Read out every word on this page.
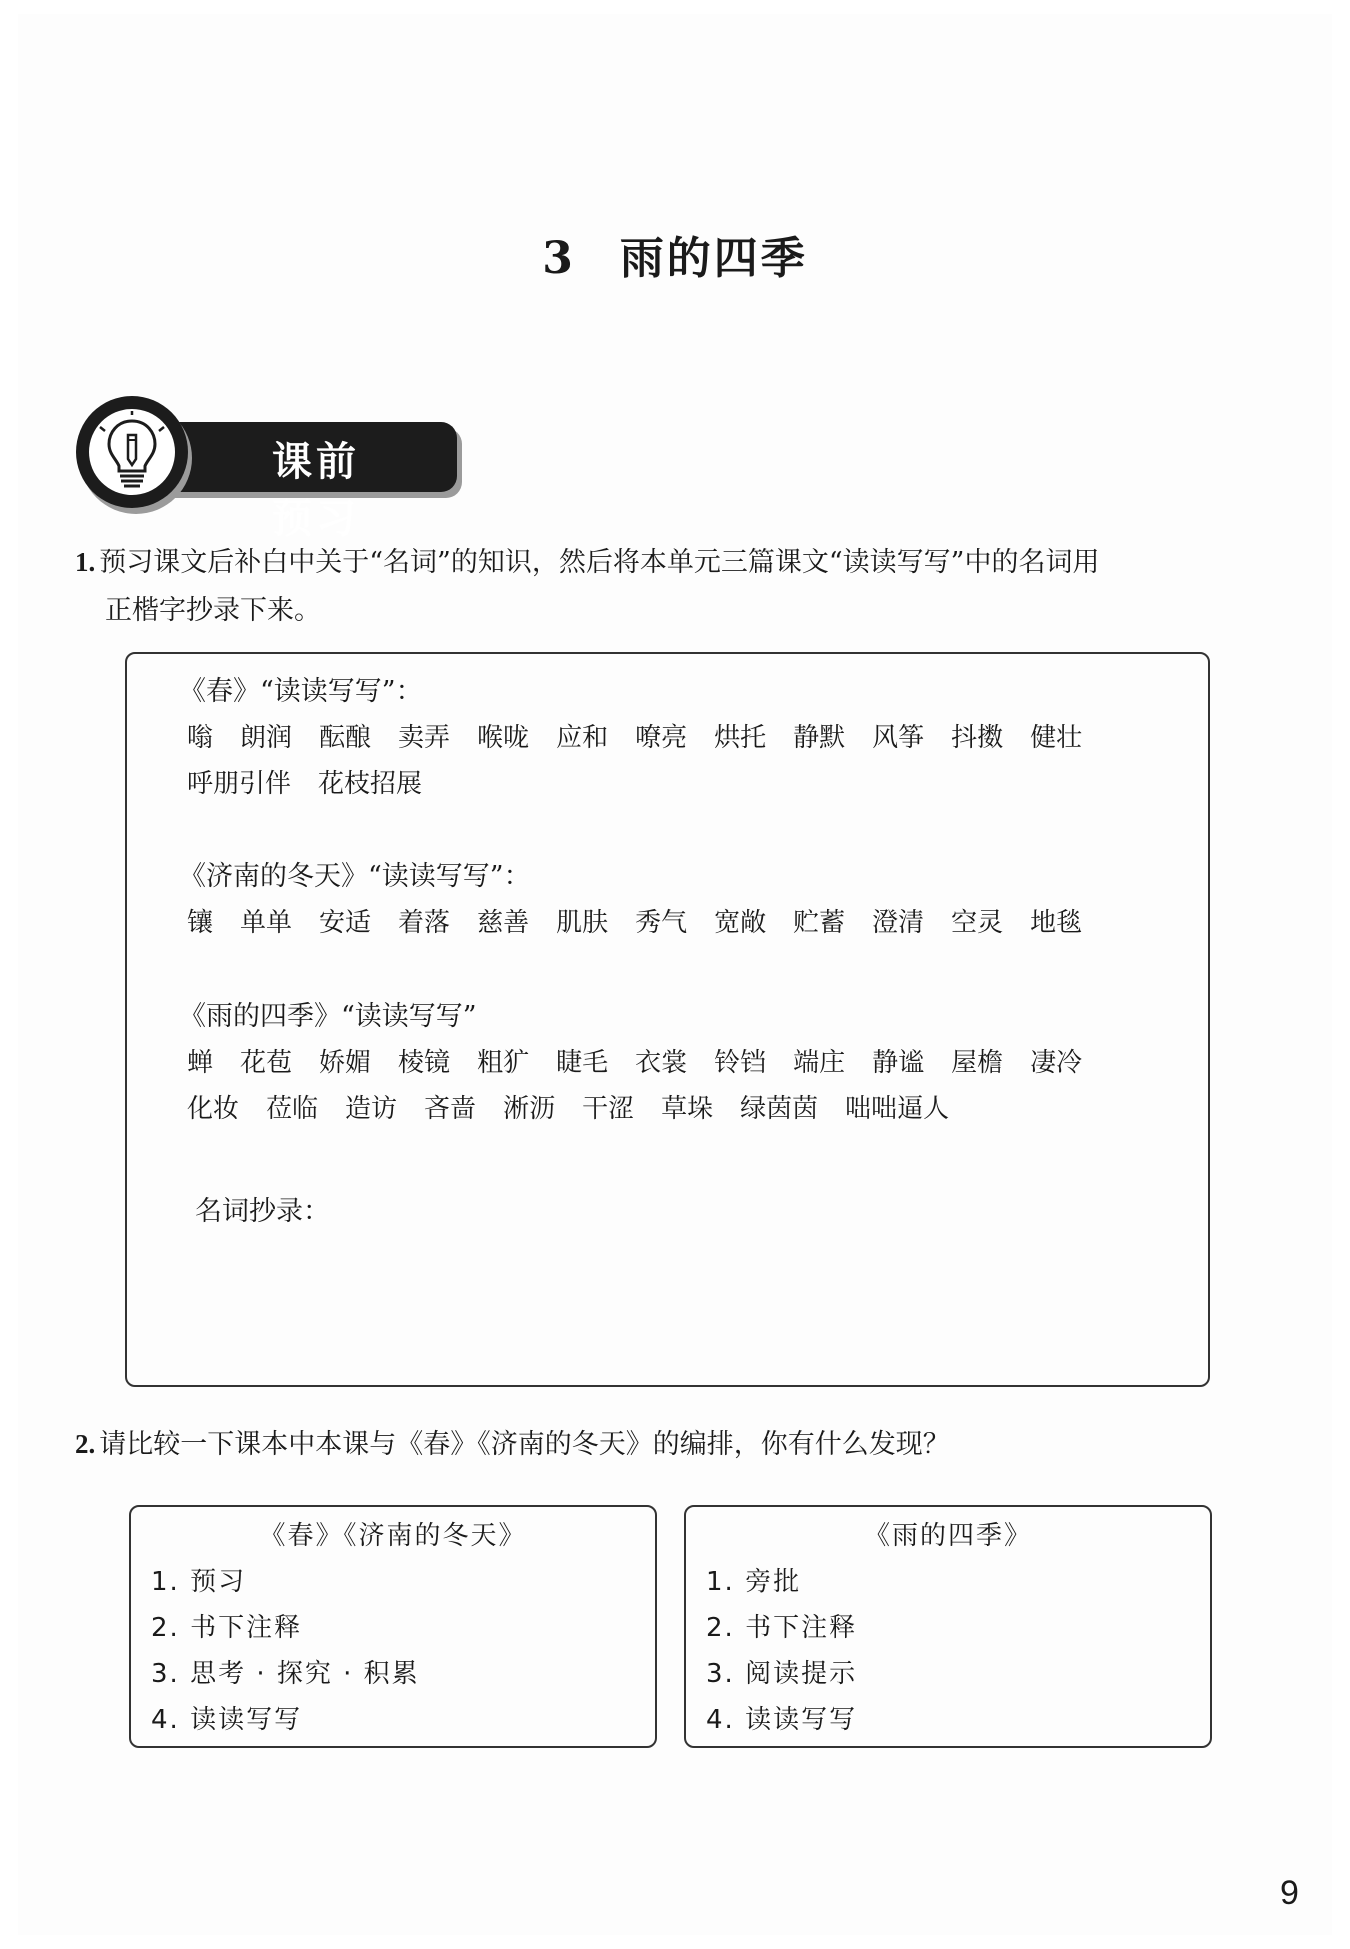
3 雨的四季
课前预习
1. 预习课文后补白中关于“名词”的知识，然后将本单元三篇课文“读读写写”中的名词用
正楷字抄录下来。
《春》“读读写写”：
嗡 朗润 酝酿 卖弄 喉咙 应和 嘹亮 烘托 静默 风筝 抖擞 健壮
呼朋引伴 花枝招展
《济南的冬天》“读读写写”：
镶 单单 安适 着落 慈善 肌肤 秀气 宽敞 贮蓄 澄清 空灵 地毯
《雨的四季》“读读写写”
蝉 花苞 娇媚 棱镜 粗犷 睫毛 衣裳 铃铛 端庄 静谧 屋檐 凄冷
化妆 莅临 造访 吝啬 淅沥 干涩 草垛 绿茵茵 咄咄逼人
名词抄录：
2. 请比较一下课本中本课与《春》《济南的冬天》的编排，你有什么发现？
《春》《济南的冬天》
1. 预习
2. 书下注释
3. 思考 · 探究 · 积累
4. 读读写写
《雨的四季》
1. 旁批
2. 书下注释
3. 阅读提示
4. 读读写写
9
